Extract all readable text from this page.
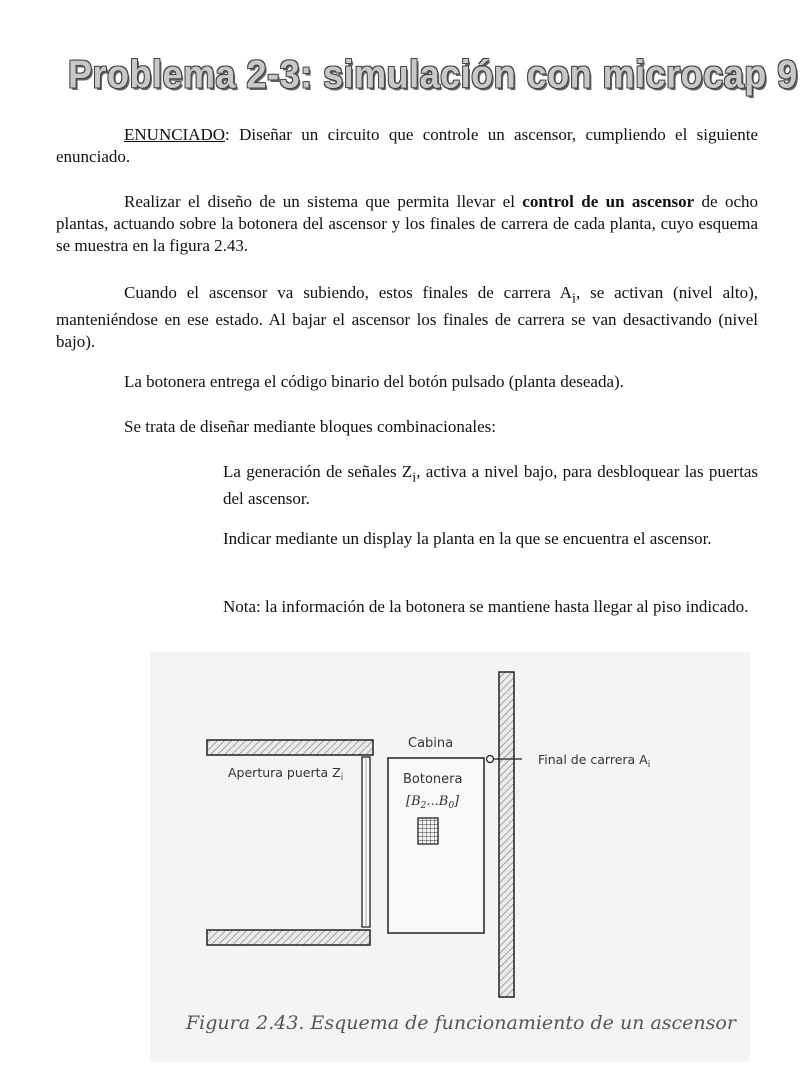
Problema 2-3: simulación con microcap 9

ENUNCIADO: Diseñar un circuito que controle un ascensor, cumpliendo el siguiente enunciado.

Realizar el diseño de un sistema que permita llevar el control de un ascensor de ocho plantas, actuando sobre la botonera del ascensor y los finales de carrera de cada planta, cuyo esquema se muestra en la figura 2.43.

Cuando el ascensor va subiendo, estos finales de carrera $A_i$, se activan (nivel alto), manteniéndose en ese estado. Al bajar el ascensor los finales de carrera se van desactivando (nivel bajo).

La botonera entrega el código binario del botón pulsado (planta deseada).

Se trata de diseñar mediante bloques combinacionales:

La generación de señales $Z_i$, activa a nivel bajo, para desbloquear las puertas del ascensor.

Indicar mediante un display la planta en la que se encuentra el ascensor.

Nota: la información de la botonera se mantiene hasta llegar al piso indicado.

Cabina
Botonera
$[B_2...B_0]$
Apertura puerta $Z_i$
Final de carrera $A_i$

Figura 2.43. Esquema de funcionamiento de un ascensor
